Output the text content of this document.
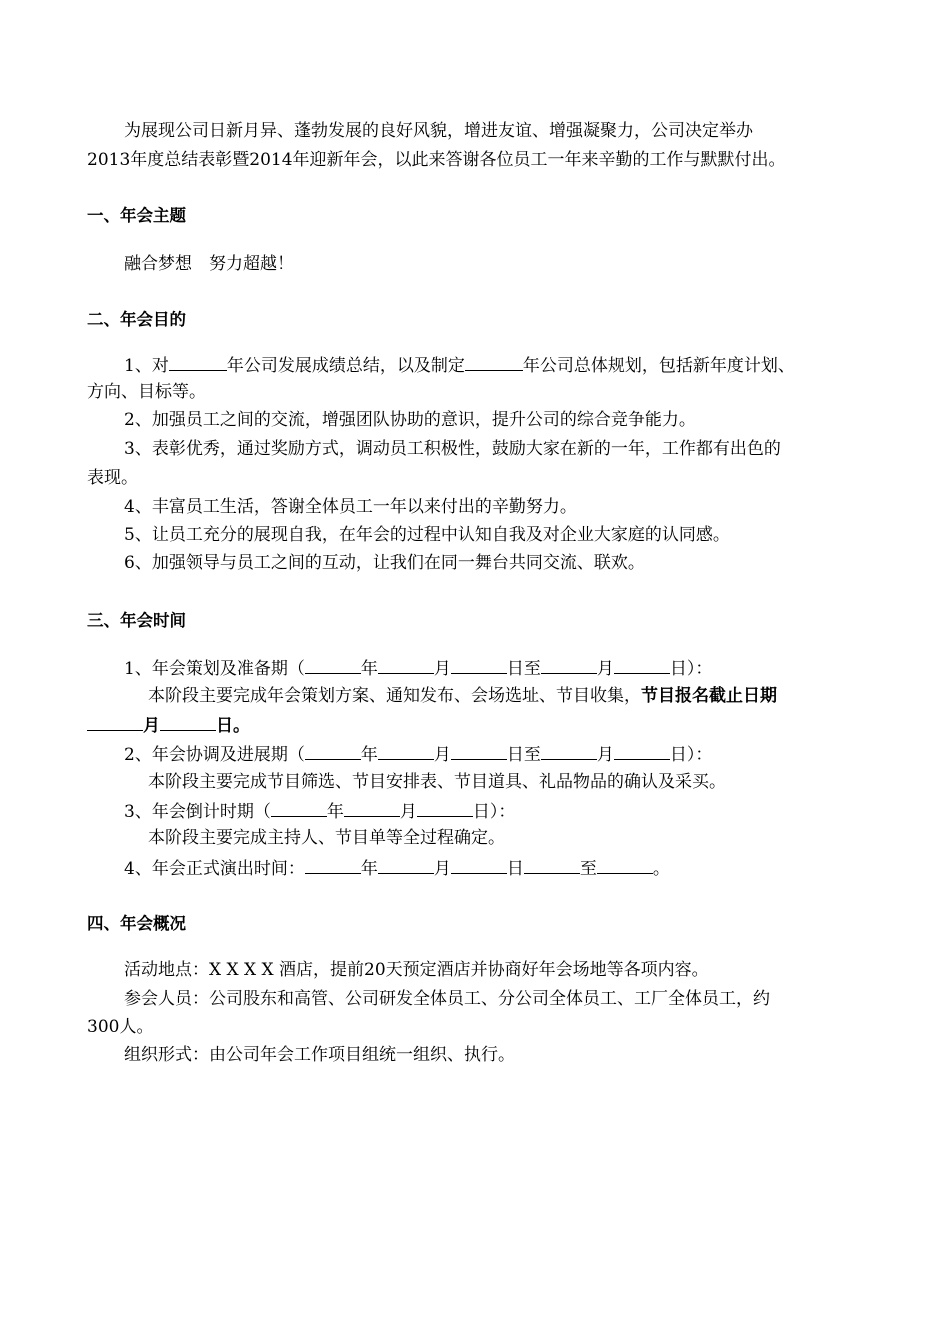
为展现公司日新月异、蓬勃发展的良好风貌，增进友谊、增强凝聚力，公司决定举办
2013年度总结表彰暨2014年迎新年会，以此来答谢各位员工一年来辛勤的工作与默默付出。
一、年会主题
融合梦想　努力超越！
二、年会目的
1、对	年公司发展成绩总结，以及制定	年公司总体规划，包括新年度计划、
方向、目标等。
2、加强员工之间的交流，增强团队协助的意识，提升公司的综合竞争能力。
3、表彰优秀，通过奖励方式，调动员工积极性，鼓励大家在新的一年，工作都有出色的
表现。
4、丰富员工生活，答谢全体员工一年以来付出的辛勤努力。
5、让员工充分的展现自我，在年会的过程中认知自我及对企业大家庭的认同感。
6、加强领导与员工之间的互动，让我们在同一舞台共同交流、联欢。
三、年会时间
1、年会策划及准备期（	年	月	日至	月	日）：
本阶段主要完成年会策划方案、通知发布、会场选址、节目收集，节目报名截止日期
月	日。
2、年会协调及进展期（	年	月	日至	月	日）：
本阶段主要完成节目筛选、节目安排表、节目道具、礼品物品的确认及采买。
3、年会倒计时期（	年	月	日）：
本阶段主要完成主持人、节目单等全过程确定。
4、年会正式演出时间：	年	月	日	至	。
四、年会概况
活动地点：X X X X 酒店，提前20天预定酒店并协商好年会场地等各项内容。
参会人员：公司股东和高管、公司研发全体员工、分公司全体员工、工厂全体员工，约
300人。
组织形式：由公司年会工作项目组统一组织、执行。
